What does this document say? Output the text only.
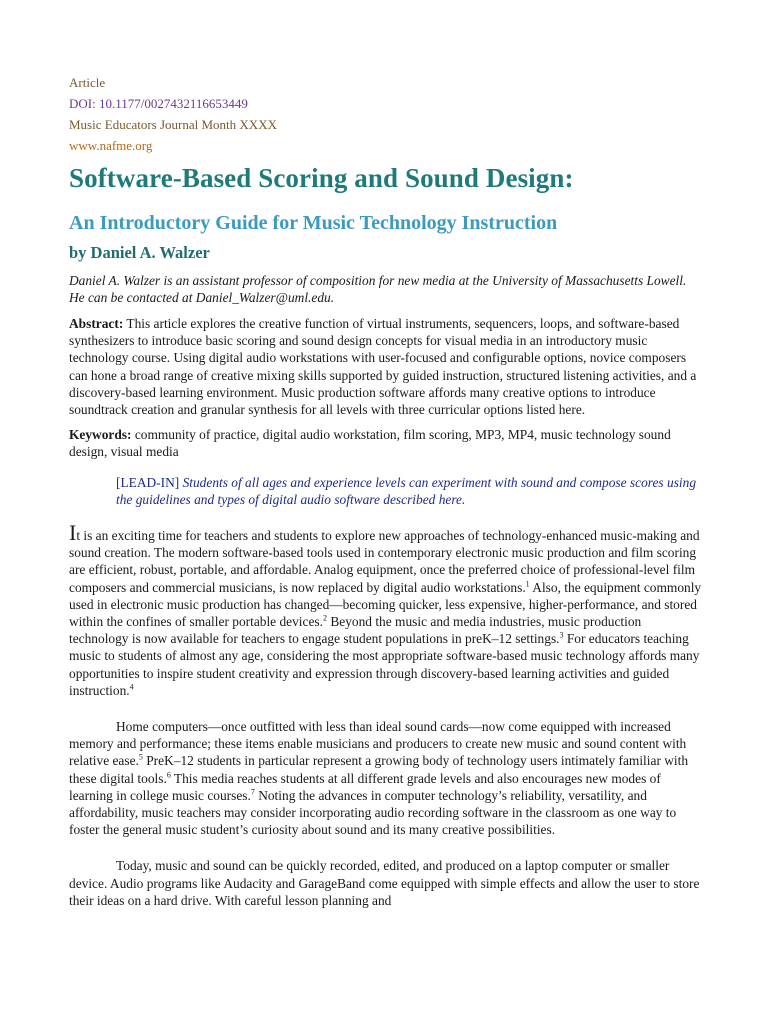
Article

DOI: 10.1177/0027432116653449

Music Educators Journal Month XXXX

www.nafme.org

Software-Based Scoring and Sound Design:
An Introductory Guide for Music Technology Instruction

by Daniel A. Walzer

Daniel A. Walzer is an assistant professor of composition for new media at the University of Massachusetts Lowell. He can be contacted at Daniel_Walzer@uml.edu.

Abstract: This article explores the creative function of virtual instruments, sequencers, loops, and software-based synthesizers to introduce basic scoring and sound design concepts for visual media in an introductory music technology course. Using digital audio workstations with user-focused and configurable options, novice composers can hone a broad range of creative mixing skills supported by guided instruction, structured listening activities, and a discovery-based learning environment. Music production software affords many creative options to introduce soundtrack creation and granular synthesis for all levels with three curricular options listed here.

Keywords: community of practice, digital audio workstation, film scoring, MP3, MP4, music technology sound design, visual media

[LEAD-IN] Students of all ages and experience levels can experiment with sound and compose scores using the guidelines and types of digital audio software described here.

It is an exciting time for teachers and students to explore new approaches of technology-enhanced music-making and sound creation. The modern software-based tools used in contemporary electronic music production and film scoring are efficient, robust, portable, and affordable. Analog equipment, once the preferred choice of professional-level film composers and commercial musicians, is now replaced by digital audio workstations.$^1$ Also, the equipment commonly used in electronic music production has changed—becoming quicker, less expensive, higher-performance, and stored within the confines of smaller portable devices.$^2$ Beyond the music and media industries, music production technology is now available for teachers to engage student populations in preK–12 settings.$^3$ For educators teaching music to students of almost any age, considering the most appropriate software-based music technology affords many opportunities to inspire student creativity and expression through discovery-based learning activities and guided instruction.$^4$

Home computers—once outfitted with less than ideal sound cards—now come equipped with increased memory and performance; these items enable musicians and producers to create new music and sound content with relative ease.$^5$ PreK–12 students in particular represent a growing body of technology users intimately familiar with these digital tools.$^6$ This media reaches students at all different grade levels and also encourages new modes of learning in college music courses.$^7$ Noting the advances in computer technology’s reliability, versatility, and affordability, music teachers may consider incorporating audio recording software in the classroom as one way to foster the general music student’s curiosity about sound and its many creative possibilities.

Today, music and sound can be quickly recorded, edited, and produced on a laptop computer or smaller device. Audio programs like Audacity and GarageBand come equipped with simple effects and allow the user to store their ideas on a hard drive. With careful lesson planning and
